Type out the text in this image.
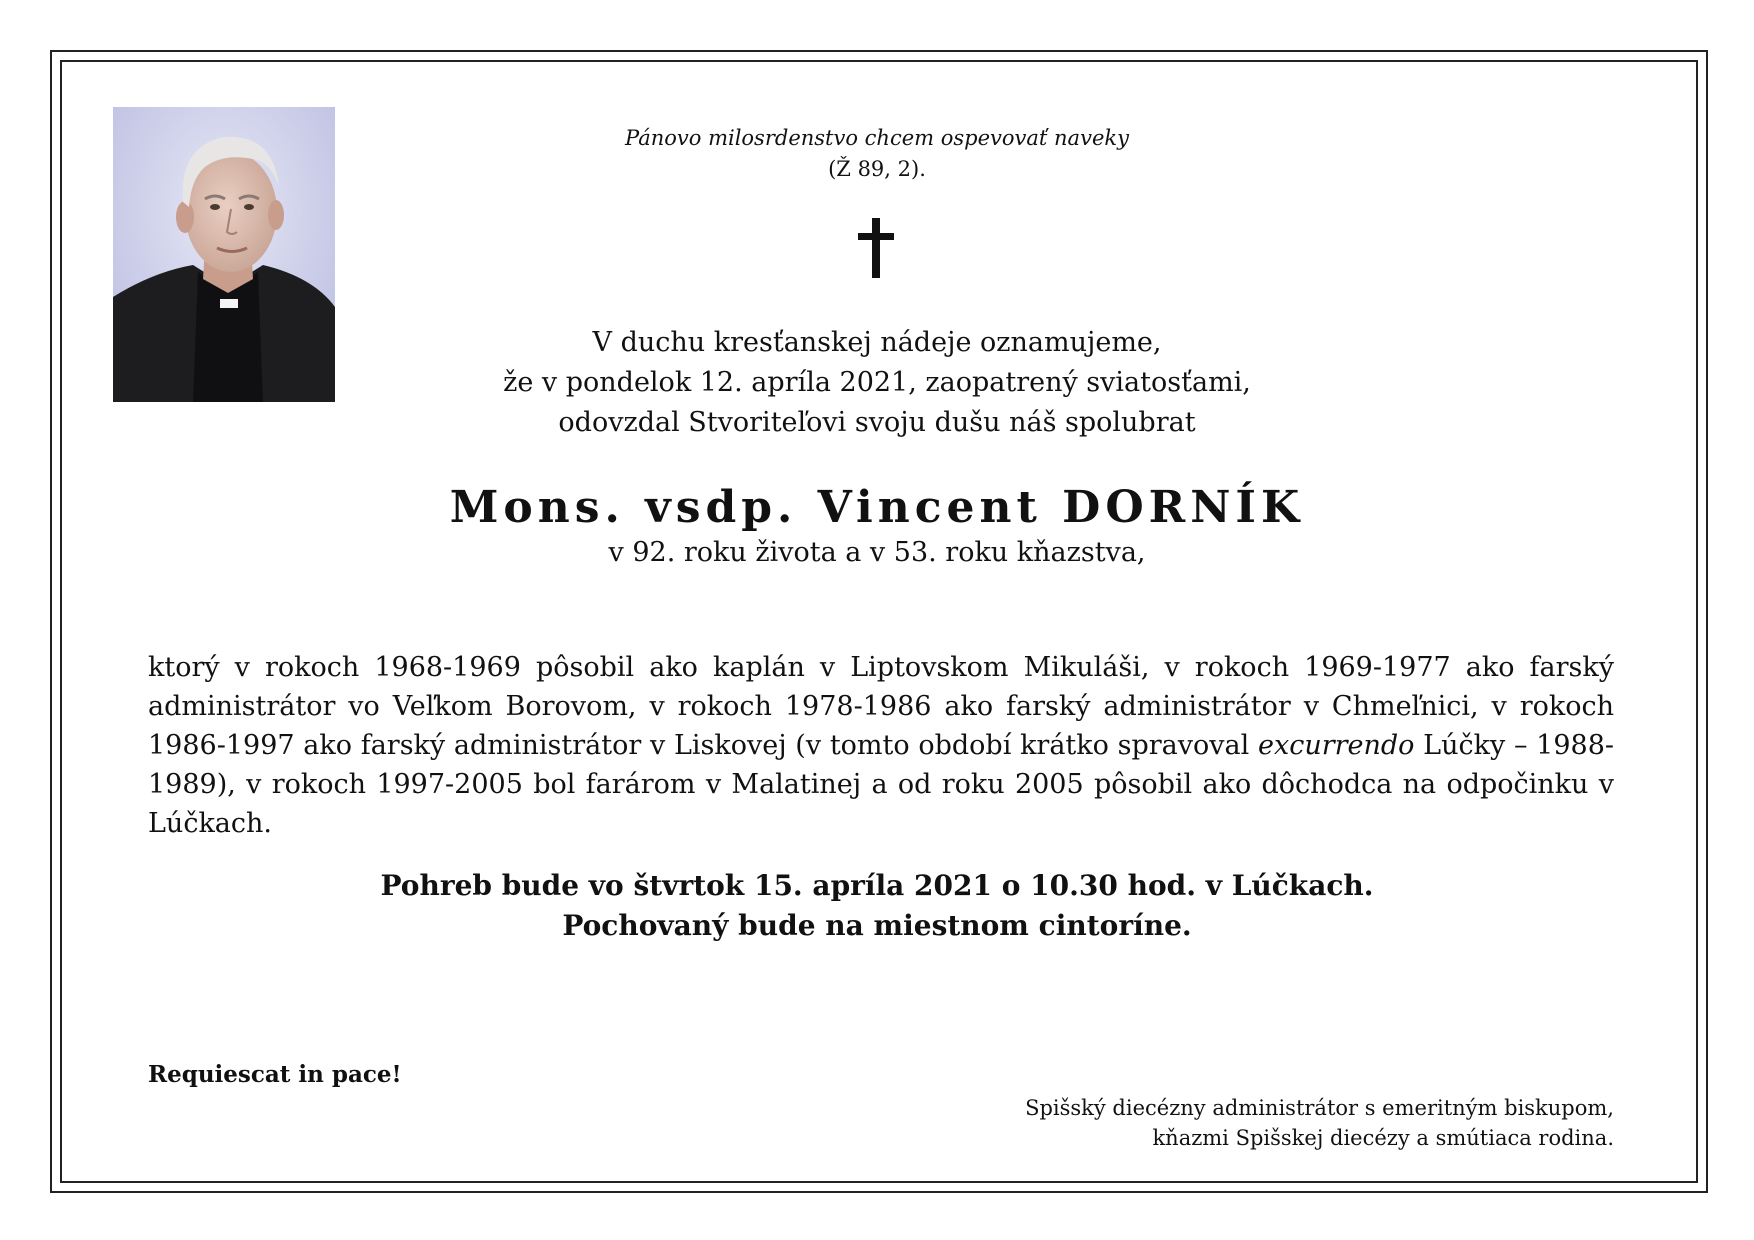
Pánovo milosrdenstvo chcem ospevovať naveky
(Ž 89, 2).
V duchu kresťanskej nádeje oznamujeme,
že v pondelok 12. apríla 2021, zaopatrený sviatosťami,
odovzdal Stvoriteľovi svoju dušu náš spolubrat
Mons. vsdp. Vincent DORNÍK
v 92. roku života a v 53. roku kňazstva,
ktorý v rokoch 1968-1969 pôsobil ako kaplán v Liptovskom Mikuláši, v rokoch 1969-1977 ako farský administrátor vo Veľkom Borovom, v rokoch 1978-1986 ako farský administrátor v Chmeľnici, v rokoch 1986-1997 ako farský administrátor v Liskovej (v tomto období krátko spravoval excurrendo Lúčky – 1988-1989), v rokoch 1997-2005 bol farárom v Malatinej a od roku 2005 pôsobil ako dôchodca na odpočinku v Lúčkach.
Pohreb bude vo štvrtok 15. apríla 2021 o 10.30 hod. v Lúčkach.
Pochovaný bude na miestnom cintoríne.
Requiescat in pace!
Spišský diecézny administrátor s emeritným biskupom,
kňazmi Spišskej diecézy a smútiaca rodina.
